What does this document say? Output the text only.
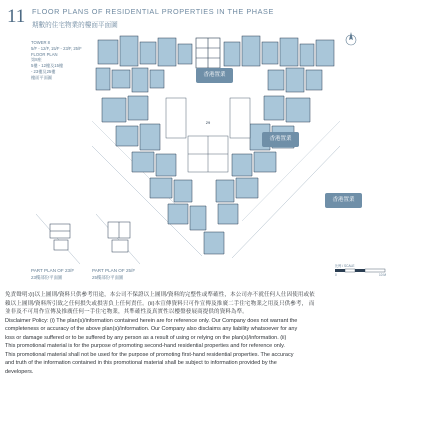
11 FLOOR PLANS OF RESIDENTIAL PROPERTIES IN THE PHASE
期數的住宅物業的樓面平面圖
TOWER 8
5/F - 12/F, 15/F - 23/F, 25/F
FLOOR PLAN
第8座
5樓 - 12樓及15樓
- 23樓及25樓
樓面平面圖
29
香港置業
香港置業
香港置業
PART PLAN OF 23/F
23樓部份平面圖
PART PLAN OF 25/F
25樓部份平面圖
比例 / SCALE
0	10 M
免責聲明:(i)以上圖則/資料只供參考用途，本公司不保證以上圖則/資料的完整性或準確性，本公司亦不就任何人仕因使用或依
賴以上圖則/資料所引致之任何損失或損害負上任何責任。(ii)本宣傳資料只可作宣傳及推廣二手住宅物業之用及只供參考， 而
並非及不可用作宣傳及推廣任何一手住宅物業，其準確性及真實性以樓盤發展商提供的資料為準。
Disclaimer Policy: (i) The plan(s)/information contained herein are for reference only. Our Company does not warrant the
completeness or accuracy of the above plan(s)/information. Our Company also disclaims any liability whatsoever for any
loss or damage suffered or to be suffered by any person as a result of using or relying on the plan(s)/information. (ii)
This promotional material is for the purpose of promoting second-hand residential properties and for reference only.
This promotional material shall not be used for the purpose of promoting first-hand residential properties. The accuracy
and truth of the information contained in this promotional material shall be subject to information provided by the
developers.
